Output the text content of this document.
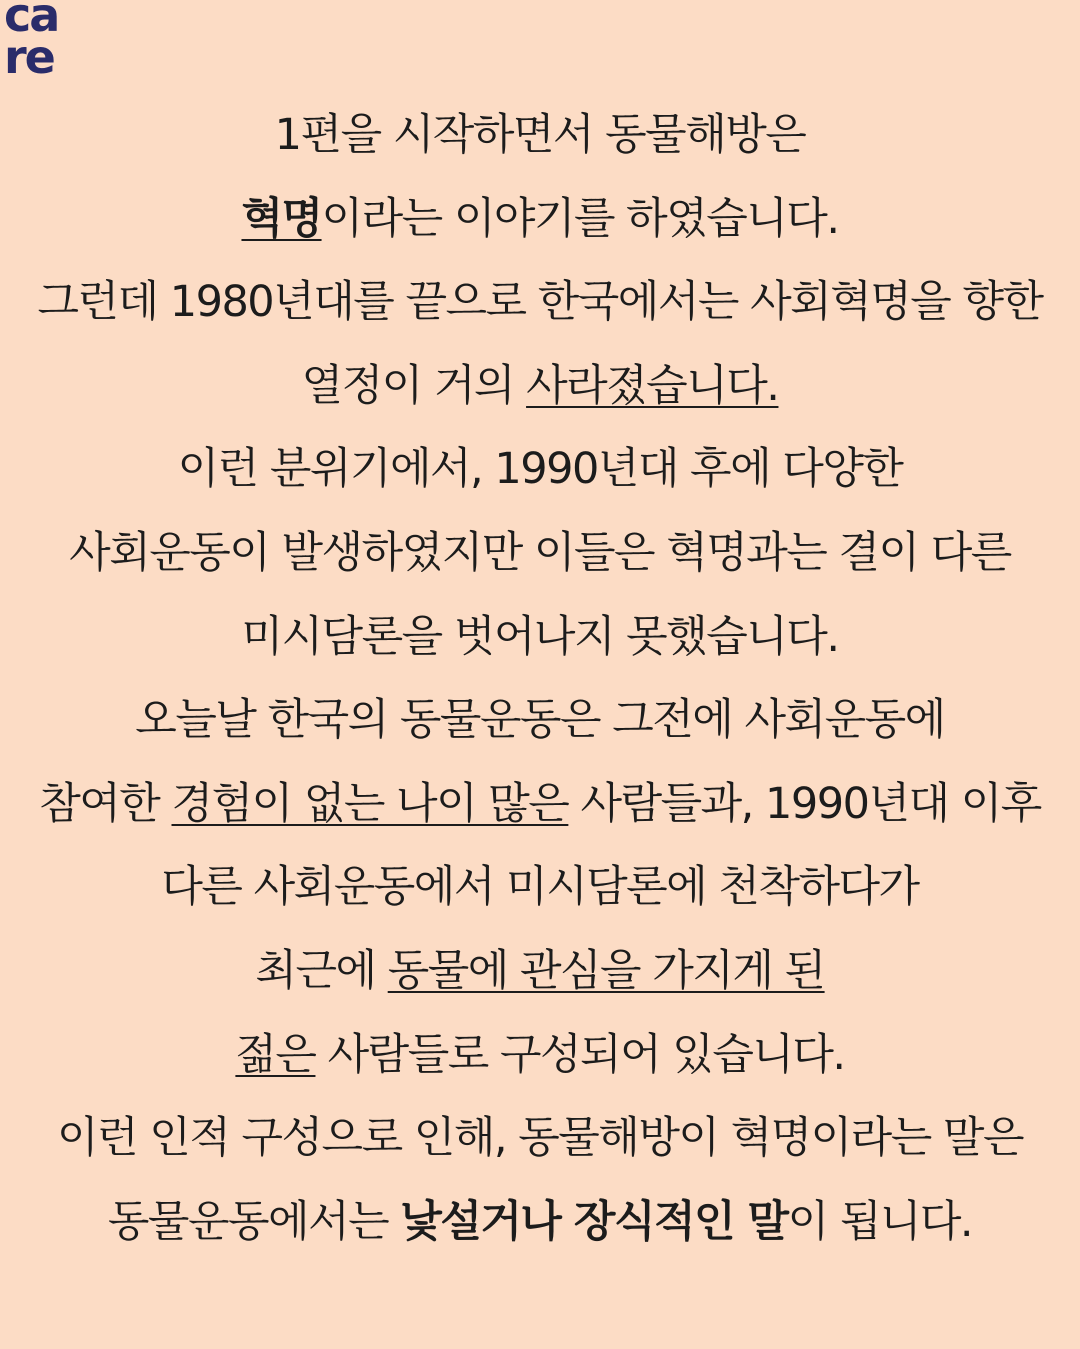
ca
re
1편을 시작하면서 동물해방은
혁명이라는 이야기를 하였습니다.
그런데 1980년대를 끝으로 한국에서는 사회혁명을 향한
열정이 거의 사라졌습니다.
이런 분위기에서, 1990년대 후에 다양한
사회운동이 발생하였지만 이들은 혁명과는 결이 다른
미시담론을 벗어나지 못했습니다.
오늘날 한국의 동물운동은 그전에 사회운동에
참여한 경험이 없는 나이 많은 사람들과, 1990년대 이후
다른 사회운동에서 미시담론에 천착하다가
최근에 동물에 관심을 가지게 된
젊은 사람들로 구성되어 있습니다.
이런 인적 구성으로 인해, 동물해방이 혁명이라는 말은
동물운동에서는 낯설거나 장식적인 말이 됩니다.
